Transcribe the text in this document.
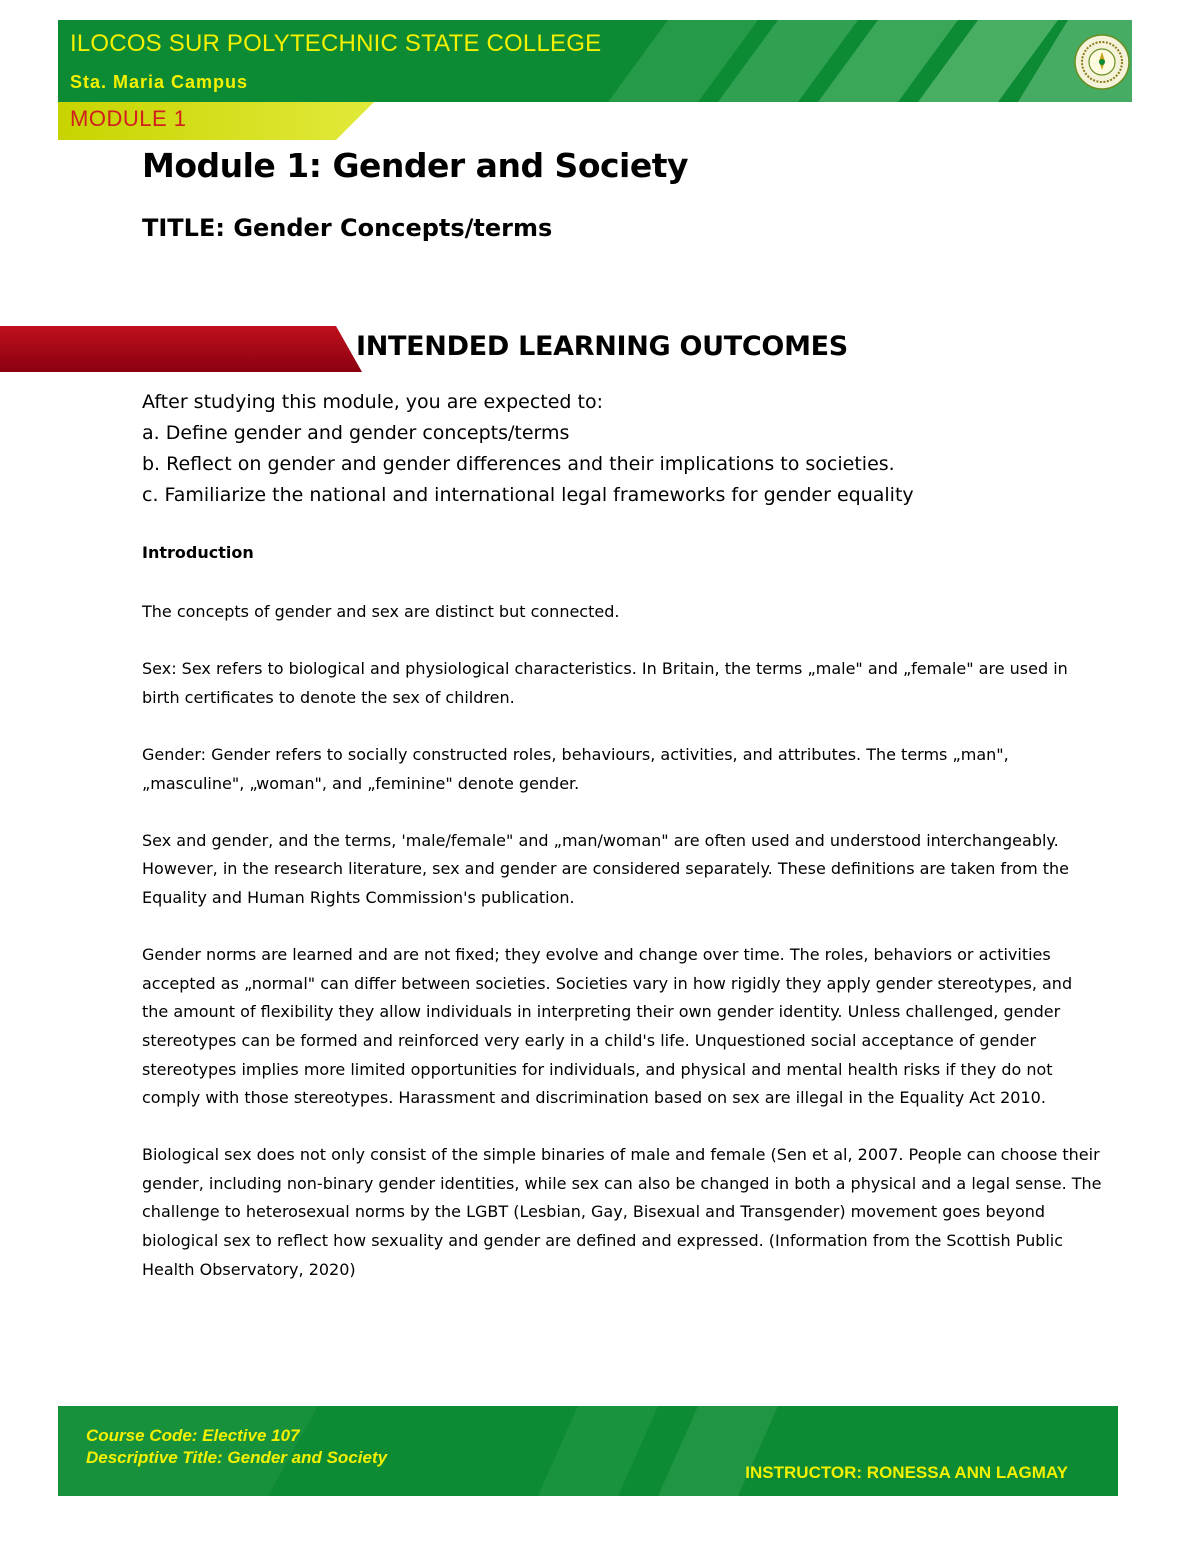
ILOCOS SUR POLYTECHNIC STATE COLLEGE
Sta. Maria Campus
MODULE 1
Module 1: Gender and Society
TITLE: Gender Concepts/terms
INTENDED LEARNING OUTCOMES
After studying this module, you are expected to:
a. Define gender and gender concepts/terms
b. Reflect on gender and gender differences and their implications to societies.
c. Familiarize the national and international legal frameworks for gender equality
Introduction

The concepts of gender and sex are distinct but connected.

Sex: Sex refers to biological and physiological characteristics. In Britain, the terms „male" and „female" are used in birth certificates to denote the sex of children.

Gender: Gender refers to socially constructed roles, behaviours, activities, and attributes. The terms „man", „masculine", „woman", and „feminine" denote gender.

Sex and gender, and the terms, 'male/female" and „man/woman" are often used and understood interchangeably. However, in the research literature, sex and gender are considered separately. These definitions are taken from the Equality and Human Rights Commission's publication.

Gender norms are learned and are not fixed; they evolve and change over time. The roles, behaviors or activities accepted as „normal" can differ between societies. Societies vary in how rigidly they apply gender stereotypes, and the amount of flexibility they allow individuals in interpreting their own gender identity. Unless challenged, gender stereotypes can be formed and reinforced very early in a child's life. Unquestioned social acceptance of gender stereotypes implies more limited opportunities for individuals, and physical and mental health risks if they do not comply with those stereotypes. Harassment and discrimination based on sex are illegal in the Equality Act 2010.

Biological sex does not only consist of the simple binaries of male and female (Sen et al, 2007. People can choose their gender, including non-binary gender identities, while sex can also be changed in both a physical and a legal sense. The challenge to heterosexual norms by the LGBT (Lesbian, Gay, Bisexual and Transgender) movement goes beyond biological sex to reflect how sexuality and gender are defined and expressed. (Information from the Scottish Public Health Observatory, 2020)

Course Code: Elective 107
Descriptive Title: Gender and Society
INSTRUCTOR: RONESSA ANN LAGMAY
